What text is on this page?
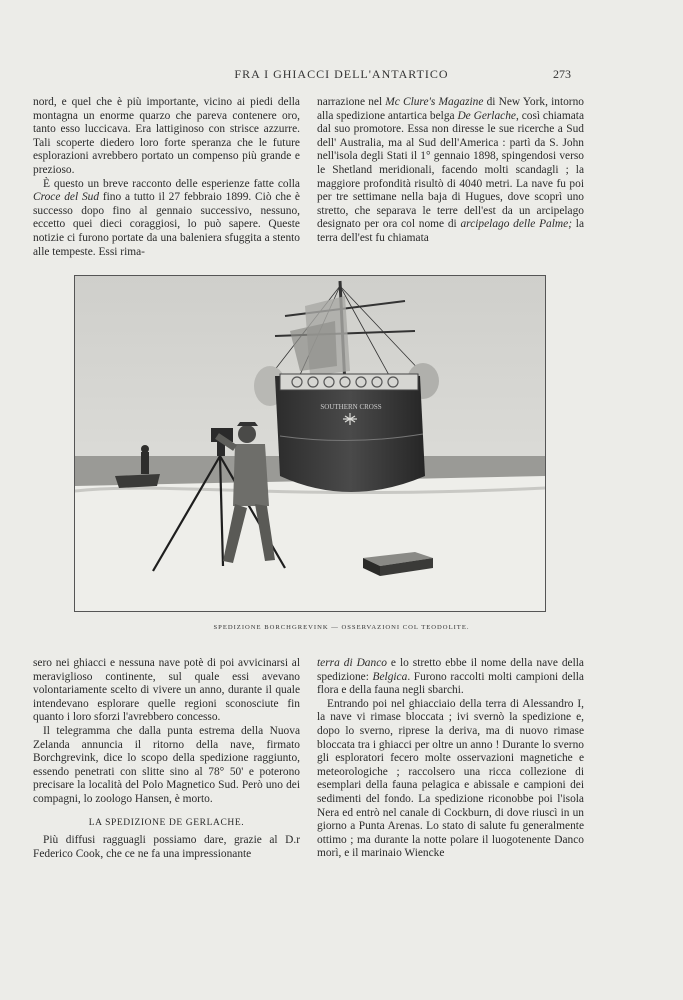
FRA I GHIACCI DELL'ANTARTICO	273

nord, e quel che è più importante, vicino ai piedi della montagna un enorme quarzo che pareva contenere oro, tanto esso luccicava. Era lattiginoso con strisce azzurre. Tali scoperte diedero loro forte speranza che le future esplorazioni avrebbero portato un compenso più grande e prezioso.

È questo un breve racconto delle esperienze fatte colla Croce del Sud fino a tutto il 27 febbraio 1899. Ciò che è successo dopo fino al gennaio successivo, nessuno, eccetto quei dieci coraggiosi, lo può sapere. Queste notizie ci furono portate da una baleniera sfuggita a stento alle tempeste. Essi rima-

narrazione nel Mc Clure's Magazine di New York, intorno alla spedizione antartica belga De Gerlache, così chiamata dal suo promotore. Essa non diresse le sue ricerche a Sud dell' Australia, ma al Sud dell'America : partì da S. John nell'isola degli Stati il 1° gennaio 1898, spingendosi verso le Shetland meridionali, facendo molti scandagli ; la maggiore profondità risultò di 4040 metri. La nave fu poi per tre settimane nella baja di Hugues, dove scoprì uno stretto, che separava le terre dell'est da un arcipelago designato per ora col nome di arcipelago delle Palme; la terra dell'est fu chiamata

SOUTHERN CROSS
SPEDIZIONE BORCHGREVINK — OSSERVAZIONI COL TEODOLITE.

sero nei ghiacci e nessuna nave potè di poi avvicinarsi al meraviglioso continente, sul quale essi avevano volontariamente scelto di vivere un anno, durante il quale intendevano esplorare quelle regioni sconosciute fin quanto i loro sforzi l'avrebbero concesso.

Il telegramma che dalla punta estrema della Nuova Zelanda annuncia il ritorno della nave, firmato Borchgrevink, dice lo scopo della spedizione raggiunto, essendo penetrati con slitte sino al 78° 50' e poterono precisare la località del Polo Magnetico Sud. Però uno dei compagni, lo zoologo Hansen, è morto.

LA SPEDIZIONE DE GERLACHE.

Più diffusi ragguagli possiamo dare, grazie al D.r Federico Cook, che ce ne fa una impressionante

terra di Danco e lo stretto ebbe il nome della nave della spedizione: Belgica. Furono raccolti molti campioni della flora e della fauna negli sbarchi.

Entrando poi nel ghiacciaio della terra di Alessandro I, la nave vi rimase bloccata ; ivi svernò la spedizione e, dopo lo sverno, riprese la deriva, ma di nuovo rimase bloccata tra i ghiacci per oltre un anno ! Durante lo sverno gli esploratori fecero molte osservazioni magnetiche e meteorologiche ; raccolsero una ricca collezione di esemplari della fauna pelagica e abissale e campioni dei sedimenti del fondo. La spedizione riconobbe poi l'isola Nera ed entrò nel canale di Cockburn, di dove riuscì in un giorno a Punta Arenas. Lo stato di salute fu generalmente ottimo ; ma durante la notte polare il luogotenente Danco morì, e il marinaio Wiencke
